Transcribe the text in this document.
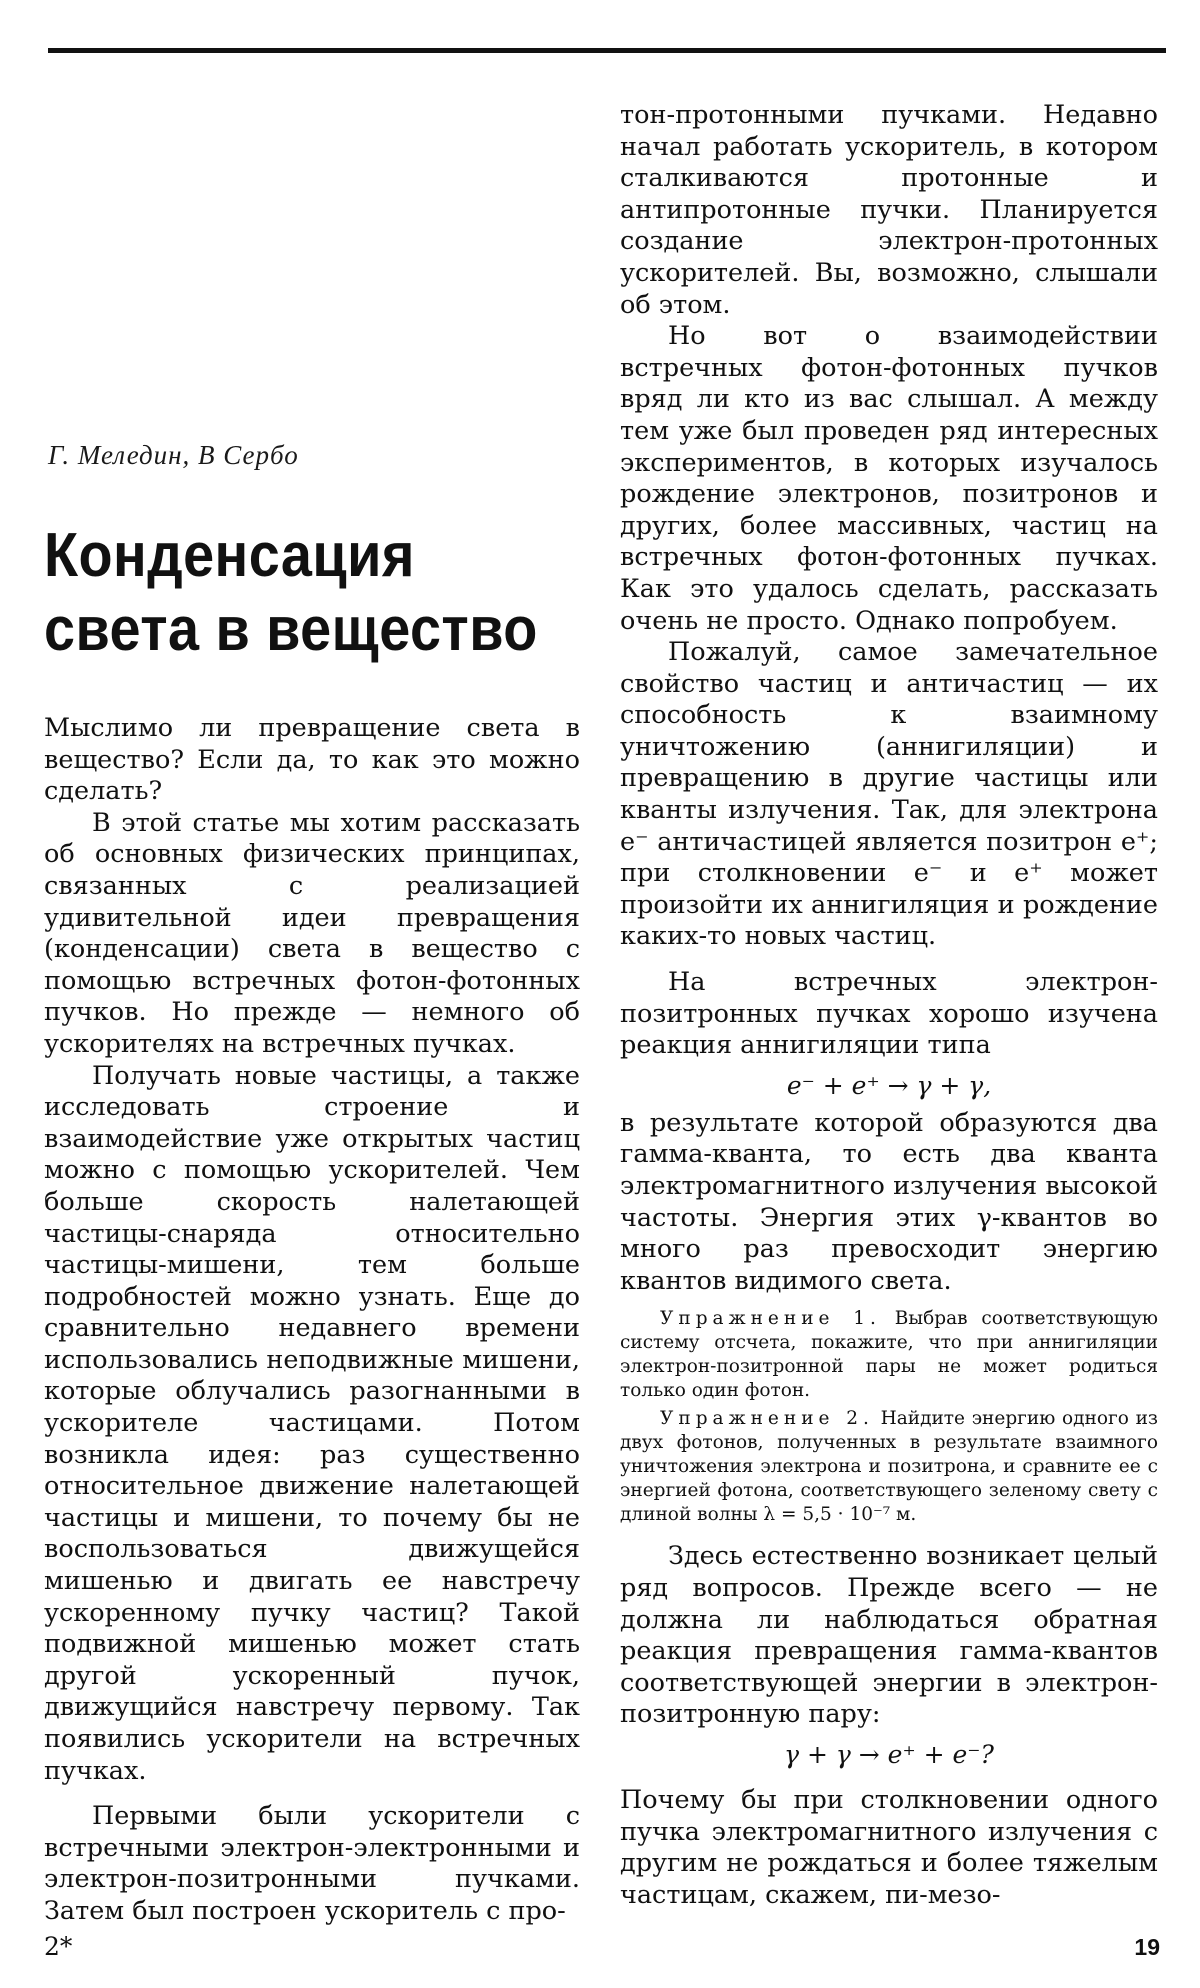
Г. Меледин, В Сербо
Конденсация света в вещество

Мыслимо ли превращение света в вещество? Если да, то как это можно сделать?

В этой статье мы хотим рассказать об основных физических принципах, связанных с реализацией удивительной идеи превращения (конденсации) света в вещество с помощью встречных фотон-фотонных пучков. Но прежде — немного об ускорителях на встречных пучках.

Получать новые частицы, а также исследовать строение и взаимодействие уже открытых частиц можно с помощью ускорителей. Чем больше скорость налетающей частицы-снаряда относительно частицы-мишени, тем больше подробностей можно узнать. Еще до сравнительно недавнего времени использовались неподвижные мишени, которые облучались разогнанными в ускорителе частицами. Потом возникла идея: раз существенно относительное движение налетающей частицы и мишени, то почему бы не воспользоваться движущейся мишенью и двигать ее навстречу ускоренному пучку частиц? Такой подвижной мишенью может стать другой ускоренный пучок, движущийся навстречу первому. Так появились ускорители на встречных пучках.

Первыми были ускорители с встречными электрон-электронными и электрон-позитронными пучками. Затем был построен ускоритель с про-

тон-протонными пучками. Недавно начал работать ускоритель, в котором сталкиваются протонные и антипротонные пучки. Планируется создание электрон-протонных ускорителей. Вы, возможно, слышали об этом.

Но вот о взаимодействии встречных фотон-фотонных пучков вряд ли кто из вас слышал. А между тем уже был проведен ряд интересных экспериментов, в которых изучалось рождение электронов, позитронов и других, более массивных, частиц на встречных фотон-фотонных пучках. Как это удалось сделать, рассказать очень не просто. Однако попробуем.

Пожалуй, самое замечательное свойство частиц и античастиц — их способность к взаимному уничтожению (аннигиляции) и превращению в другие частицы или кванты излучения. Так, для электрона e⁻ античастицей является позитрон e⁺; при столкновении e⁻ и e⁺ может произойти их аннигиляция и рождение каких-то новых частиц.

На встречных электрон-позитронных пучках хорошо изучена реакция аннигиляции типа

e⁻ + e⁺ → γ + γ,

в результате которой образуются два гамма-кванта, то есть два кванта электромагнитного излучения высокой частоты. Энергия этих γ-квантов во много раз превосходит энергию квантов видимого света.

Упражнение 1. Выбрав соответствующую систему отсчета, покажите, что при аннигиляции электрон-позитронной пары не может родиться только один фотон.

Упражнение 2. Найдите энергию одного из двух фотонов, полученных в результате взаимного уничтожения электрона и позитрона, и сравните ее с энергией фотона, соответствующего зеленому свету с длиной волны λ = 5,5 · 10⁻⁷ м.

Здесь естественно возникает целый ряд вопросов. Прежде всего — не должна ли наблюдаться обратная реакция превращения гамма-квантов соответствующей энергии в электрон-позитронную пару:

γ + γ → e⁺ + e⁻?

Почему бы при столкновении одного пучка электромагнитного излучения с другим не рождаться и более тяжелым частицам, скажем, пи-мезо-

2*	19
